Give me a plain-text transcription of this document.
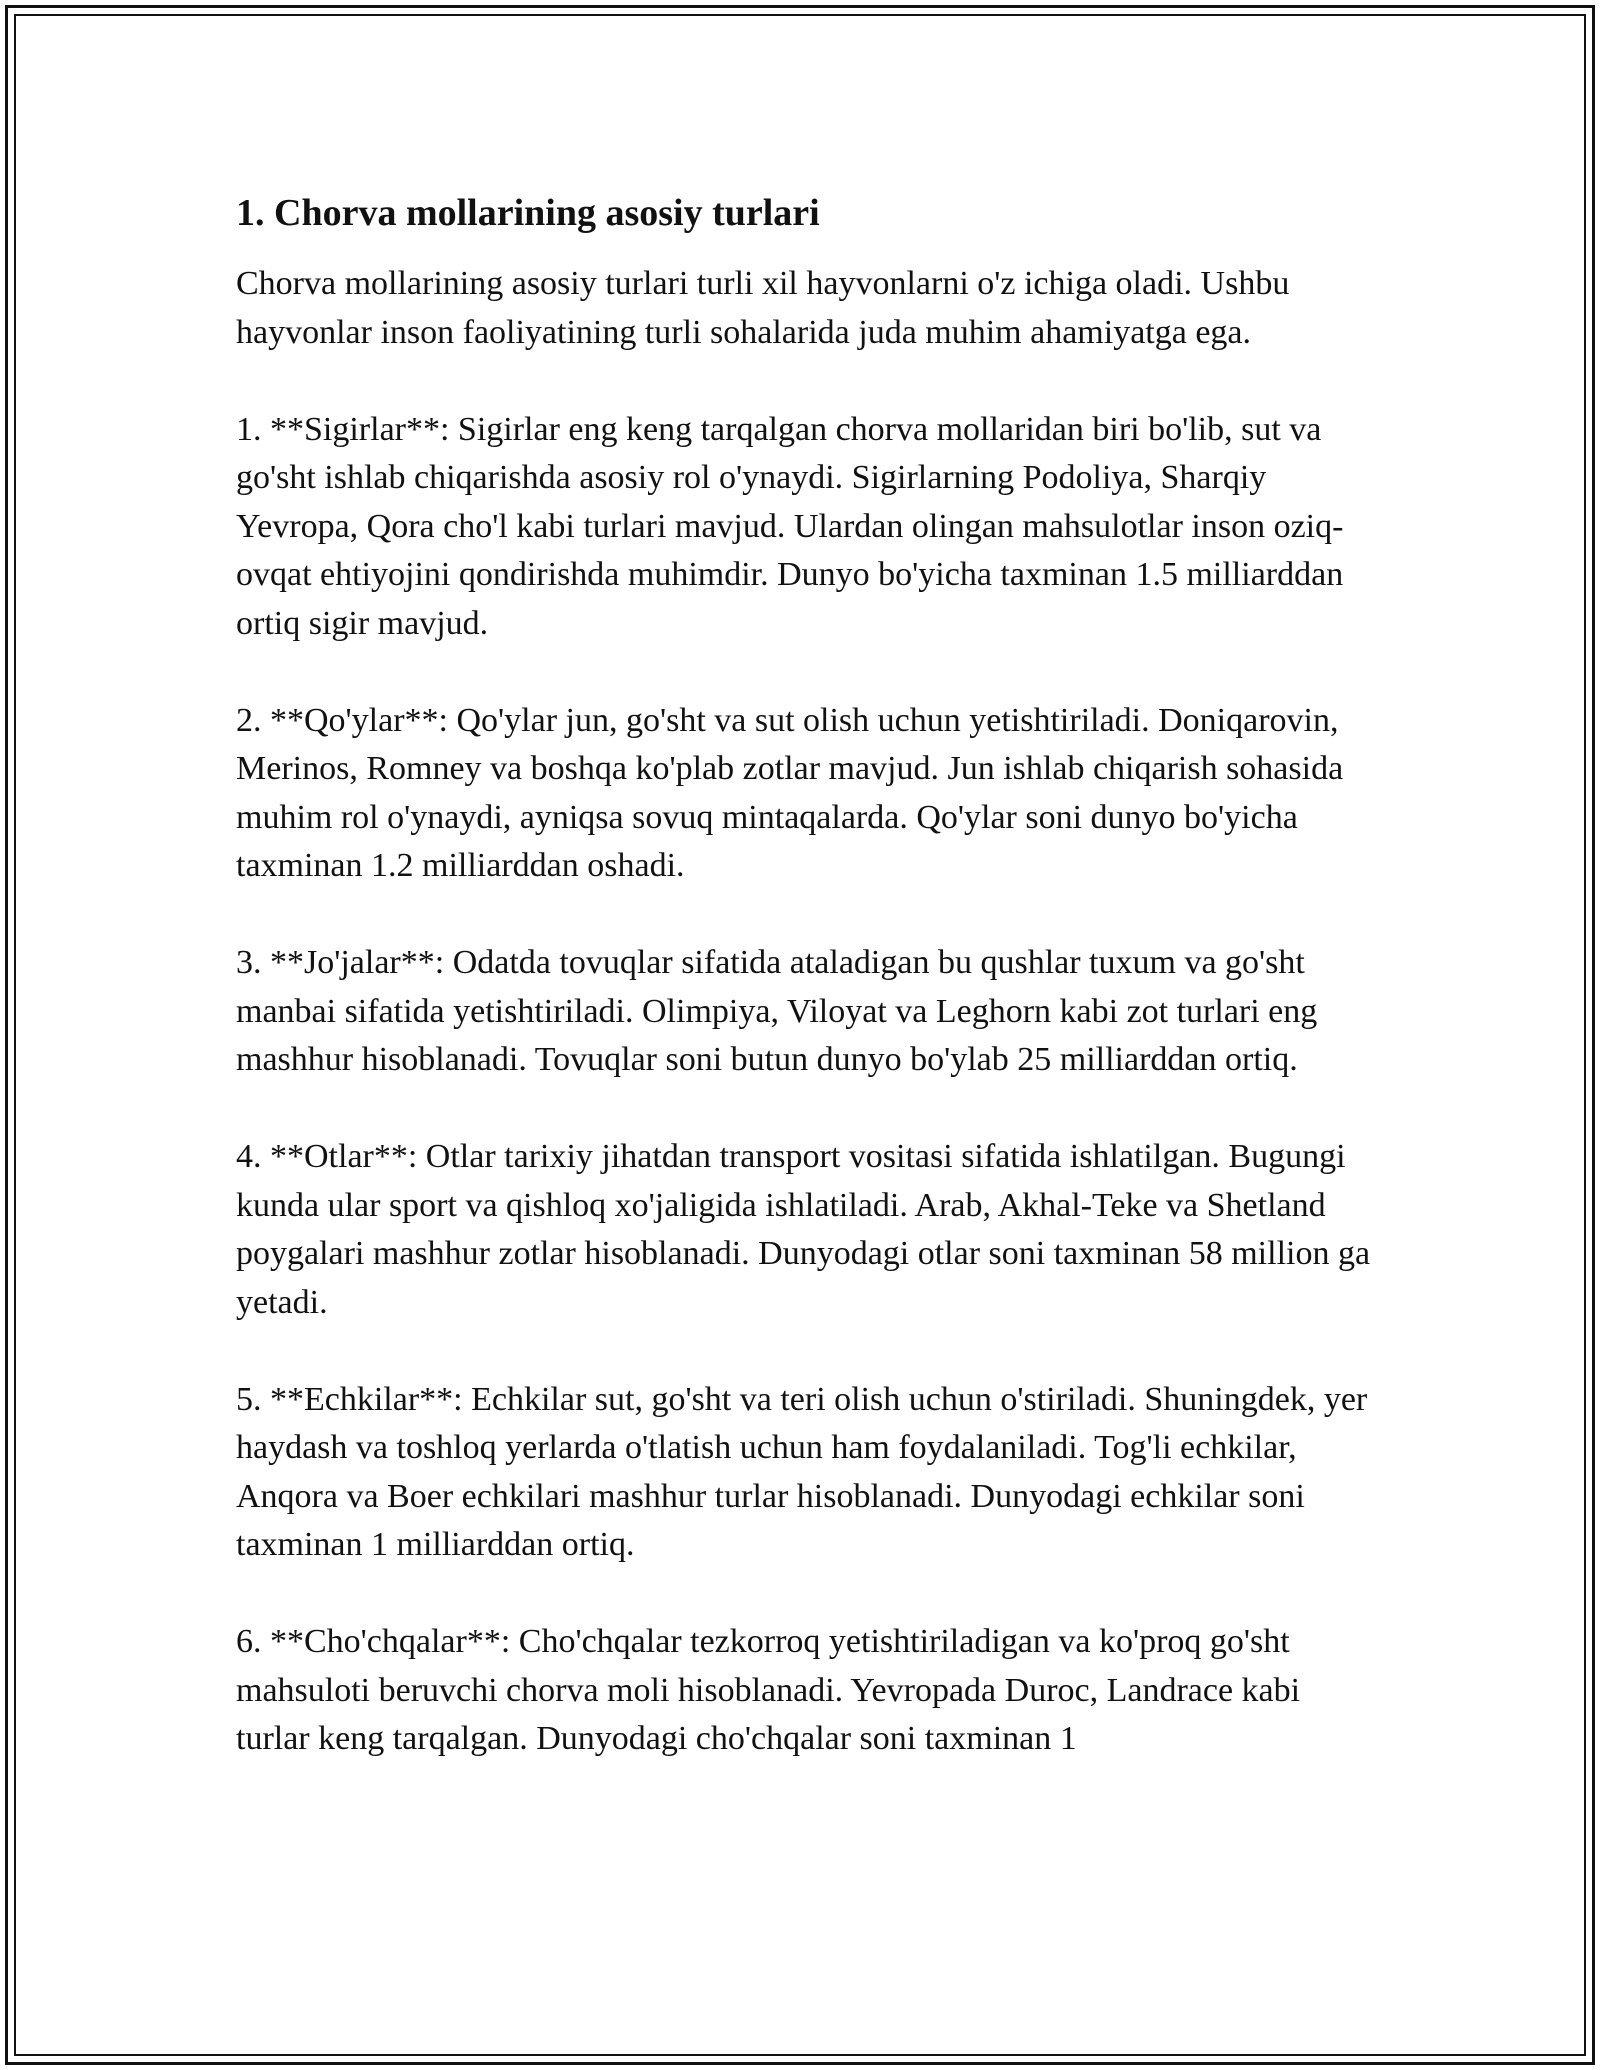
1. Chorva mollarining asosiy turlari

Chorva mollarining asosiy turlari turli xil hayvonlarni o'z ichiga oladi. Ushbu hayvonlar inson faoliyatining turli sohalarida juda muhim ahamiyatga ega.

1. **Sigirlar**: Sigirlar eng keng tarqalgan chorva mollaridan biri bo'lib, sut va go'sht ishlab chiqarishda asosiy rol o'ynaydi. Sigirlarning Podoliya, Sharqiy Yevropa, Qora cho'l kabi turlari mavjud. Ulardan olingan mahsulotlar inson oziq-ovqat ehtiyojini qondirishda muhimdir. Dunyo bo'yicha taxminan 1.5 milliarddan ortiq sigir mavjud.

2. **Qo'ylar**: Qo'ylar jun, go'sht va sut olish uchun yetishtiriladi. Doniqarovin, Merinos, Romney va boshqa ko'plab zotlar mavjud. Jun ishlab chiqarish sohasida muhim rol o'ynaydi, ayniqsa sovuq mintaqalarda. Qo'ylar soni dunyo bo'yicha taxminan 1.2 milliarddan oshadi.

3. **Jo'jalar**: Odatda tovuqlar sifatida ataladigan bu qushlar tuxum va go'sht manbai sifatida yetishtiriladi. Olimpiya, Viloyat va Leghorn kabi zot turlari eng mashhur hisoblanadi. Tovuqlar soni butun dunyo bo'ylab 25 milliarddan ortiq.

4. **Otlar**: Otlar tarixiy jihatdan transport vositasi sifatida ishlatilgan. Bugungi kunda ular sport va qishloq xo'jaligida ishlatiladi. Arab, Akhal-Teke va Shetland poygalari mashhur zotlar hisoblanadi. Dunyodagi otlar soni taxminan 58 million ga yetadi.

5. **Echkilar**: Echkilar sut, go'sht va teri olish uchun o'stiriladi. Shuningdek, yer haydash va toshloq yerlarda o'tlatish uchun ham foydalaniladi. Tog'li echkilar, Anqora va Boer echkilari mashhur turlar hisoblanadi. Dunyodagi echkilar soni taxminan 1 milliarddan ortiq.

6. **Cho'chqalar**: Cho'chqalar tezkorroq yetishtiriladigan va ko'proq go'sht mahsuloti beruvchi chorva moli hisoblanadi. Yevropada Duroc, Landrace kabi turlar keng tarqalgan. Dunyodagi cho'chqalar soni taxminan 1
